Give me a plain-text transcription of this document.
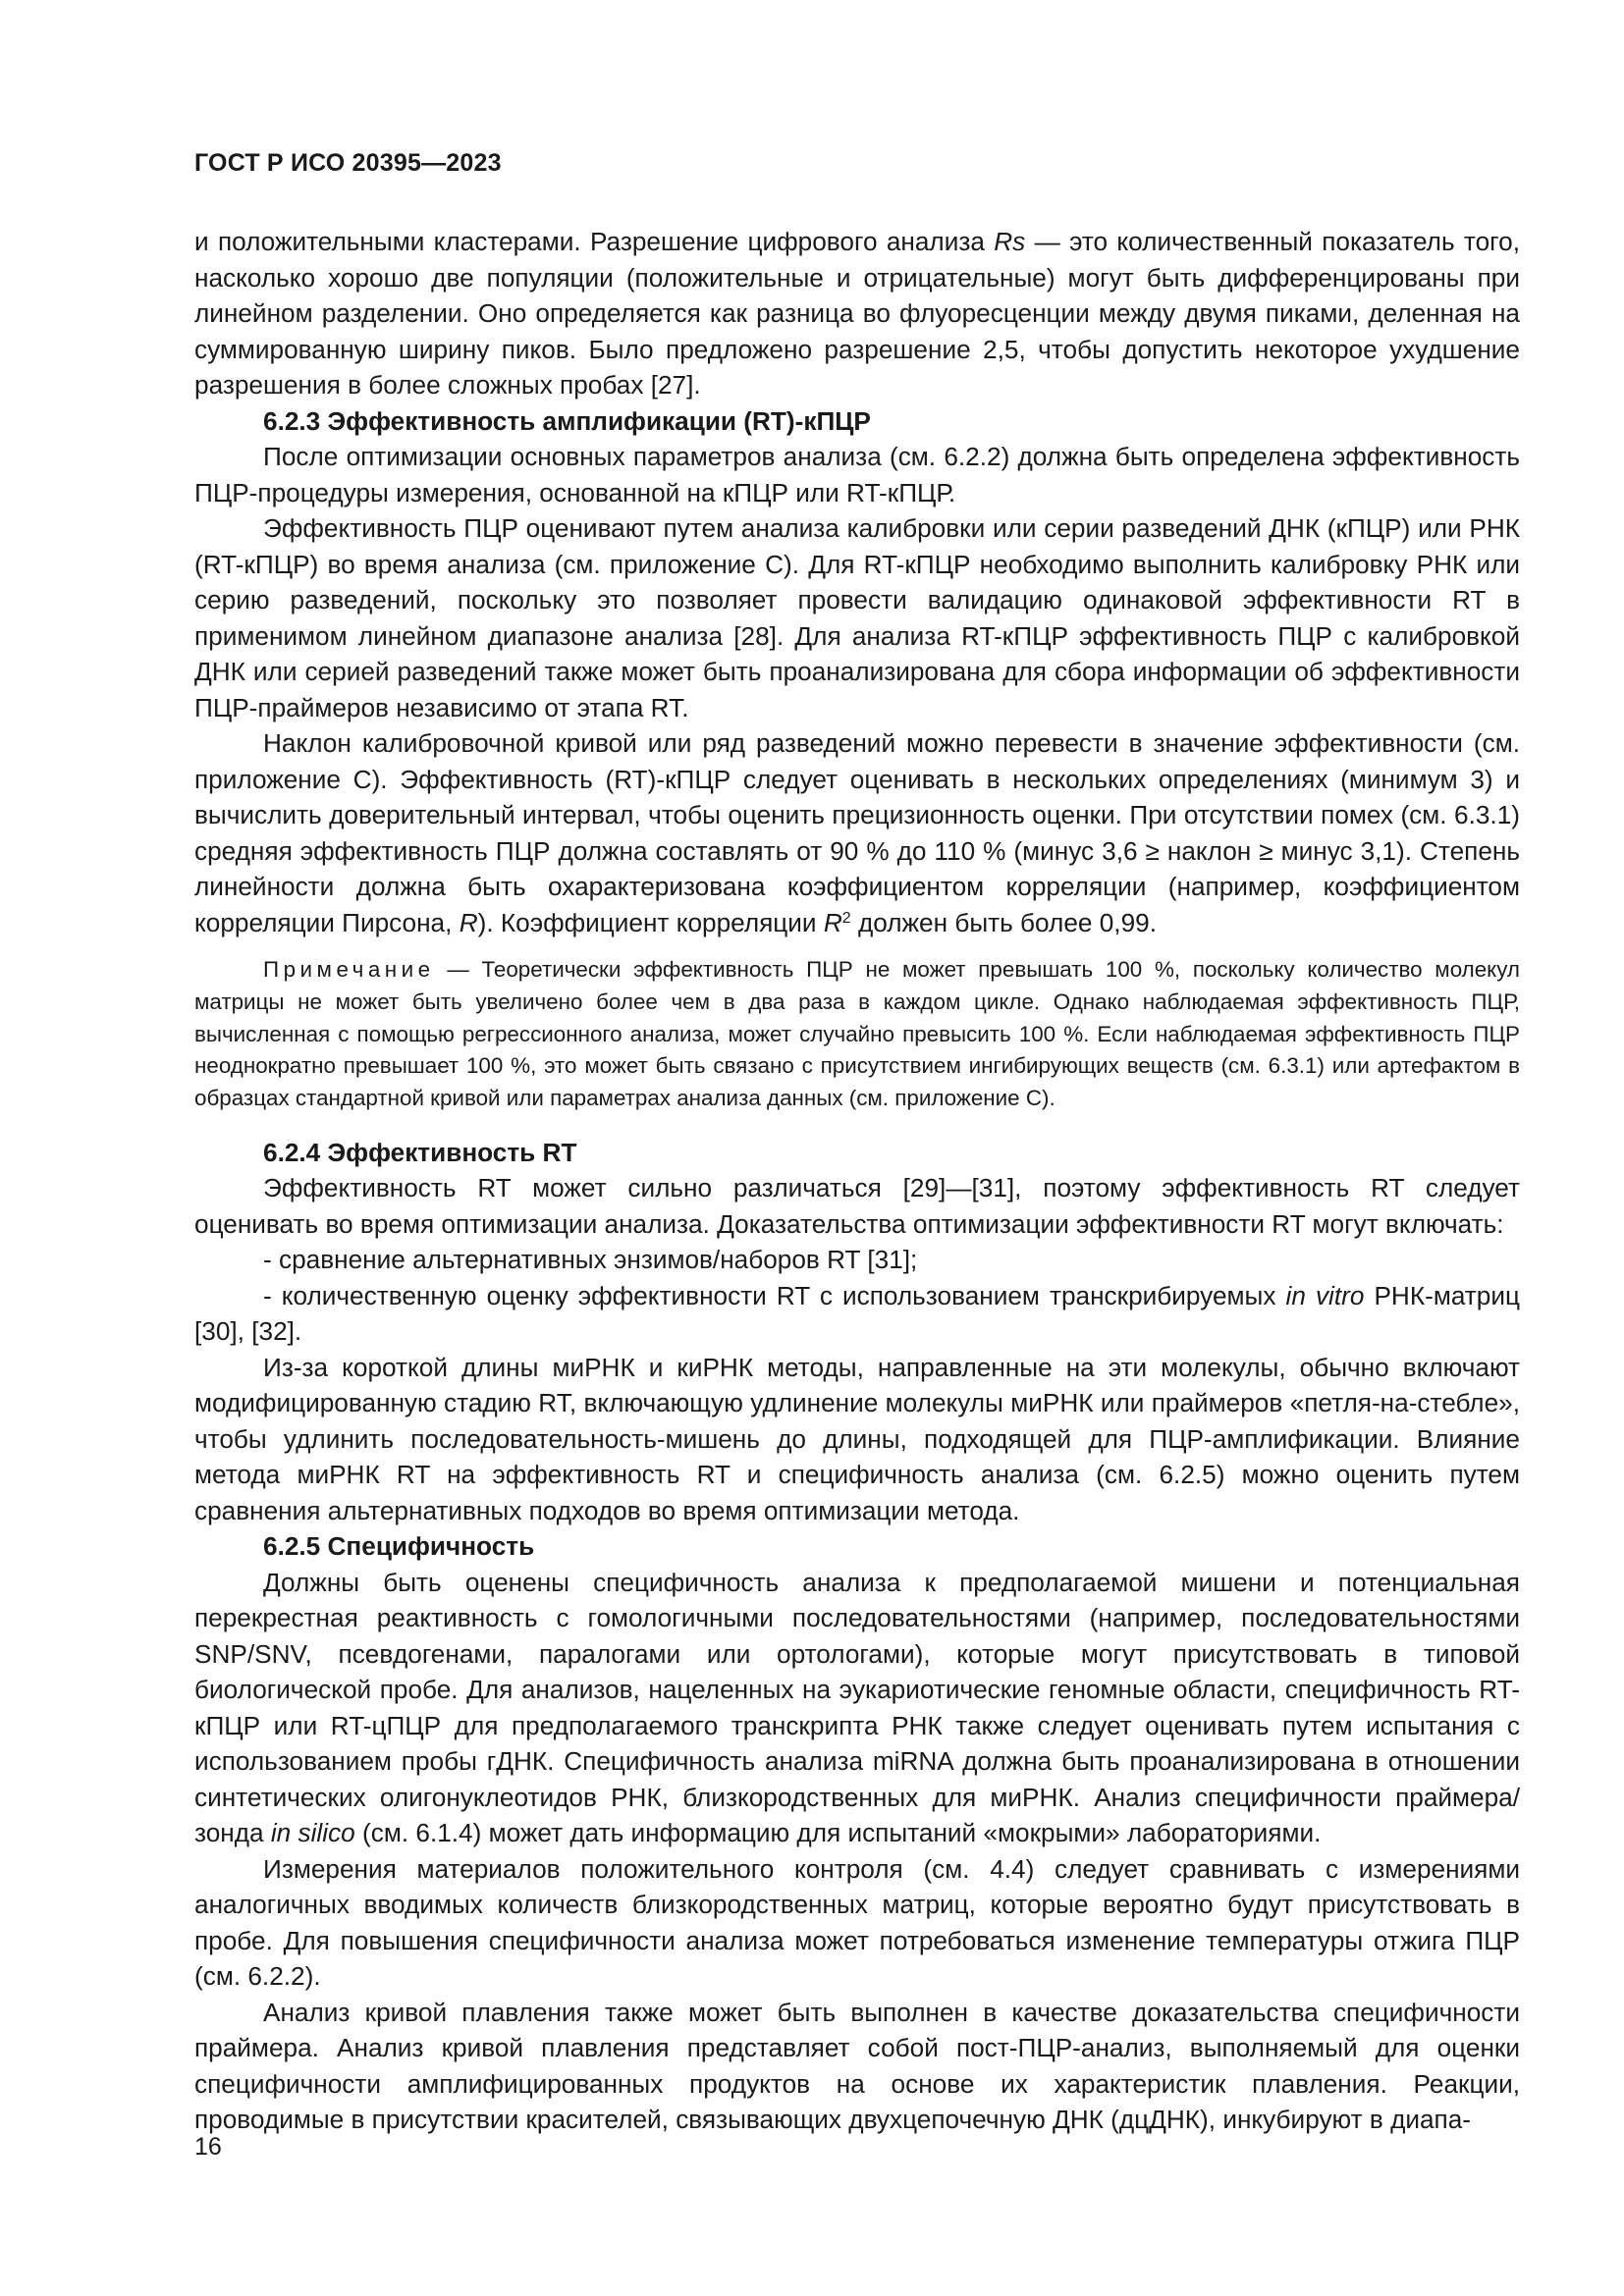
ГОСТ Р ИСО 20395—2023

и положительными кластерами. Разрешение цифрового анализа Rs — это количественный показатель того, насколько хорошо две популяции (положительные и отрицательные) могут быть дифференцированы при линейном разделении. Оно определяется как разница во флуоресценции между двумя пиками, деленная на суммированную ширину пиков. Было предложено разрешение 2,5, чтобы допустить некоторое ухудшение разрешения в более сложных пробах [27].

6.2.3 Эффективность амплификации (RT)-кПЦР

После оптимизации основных параметров анализа (см. 6.2.2) должна быть определена эффективность ПЦР-процедуры измерения, основанной на кПЦР или RT-кПЦР.

Эффективность ПЦР оценивают путем анализа калибровки или серии разведений ДНК (кПЦР) или РНК (RT-кПЦР) во время анализа (см. приложение С). Для RT-кПЦР необходимо выполнить калибровку РНК или серию разведений, поскольку это позволяет провести валидацию одинаковой эффективности RT в применимом линейном диапазоне анализа [28]. Для анализа RT-кПЦР эффективность ПЦР с калибровкой ДНК или серией разведений также может быть проанализирована для сбора информации об эффективности ПЦР-праймеров независимо от этапа RT.

Наклон калибровочной кривой или ряд разведений можно перевести в значение эффективности (см. приложение С). Эффективность (RT)-кПЦР следует оценивать в нескольких определениях (минимум 3) и вычислить доверительный интервал, чтобы оценить прецизионность оценки. При отсутствии помех (см. 6.3.1) средняя эффективность ПЦР должна составлять от 90 % до 110 % (минус 3,6 ≥ наклон ≥ минус 3,1). Степень линейности должна быть охарактеризована коэффициентом корреляции (например, коэффициентом корреляции Пирсона, R). Коэффициент корреляции $R^2$ должен быть более 0,99.

Примечание — Теоретически эффективность ПЦР не может превышать 100 %, поскольку количество молекул матрицы не может быть увеличено более чем в два раза в каждом цикле. Однако наблюдаемая эффективность ПЦР, вычисленная с помощью регрессионного анализа, может случайно превысить 100 %. Если наблюдаемая эффективность ПЦР неоднократно превышает 100 %, это может быть связано с присутствием ингибирующих веществ (см. 6.3.1) или артефактом в образцах стандартной кривой или параметрах анализа данных (см. приложение С).

6.2.4 Эффективность RT

Эффективность RT может сильно различаться [29]—[31], поэтому эффективность RT следует оценивать во время оптимизации анализа. Доказательства оптимизации эффективности RT могут включать:

- сравнение альтернативных энзимов/наборов RT [31];

- количественную оценку эффективности RT с использованием транскрибируемых in vitro РНК-матриц [30], [32].

Из-за короткой длины миРНК и киРНК методы, направленные на эти молекулы, обычно включают модифицированную стадию RT, включающую удлинение молекулы миРНК или праймеров «петля-на-стебле», чтобы удлинить последовательность-мишень до длины, подходящей для ПЦР-амплификации. Влияние метода миРНК RT на эффективность RT и специфичность анализа (см. 6.2.5) можно оценить путем сравнения альтернативных подходов во время оптимизации метода.

6.2.5 Специфичность

Должны быть оценены специфичность анализа к предполагаемой мишени и потенциальная перекрестная реактивность с гомологичными последовательностями (например, последовательностями SNP/SNV, псевдогенами, паралогами или ортологами), которые могут присутствовать в типовой биологической пробе. Для анализов, нацеленных на эукариотические геномные области, специфичность RT-кПЦР или RT-цПЦР для предполагаемого транскрипта РНК также следует оценивать путем испытания с использованием пробы гДНК. Специфичность анализа miRNA должна быть проанализирована в отношении синтетических олигонуклеотидов РНК, близкородственных для миРНК. Анализ специфичности праймера/зонда in silico (см. 6.1.4) может дать информацию для испытаний «мокрыми» лабораториями.

Измерения материалов положительного контроля (см. 4.4) следует сравнивать с измерениями аналогичных вводимых количеств близкородственных матриц, которые вероятно будут присутствовать в пробе. Для повышения специфичности анализа может потребоваться изменение температуры отжига ПЦР (см. 6.2.2).

Анализ кривой плавления также может быть выполнен в качестве доказательства специфичности праймера. Анализ кривой плавления представляет собой пост-ПЦР-анализ, выполняемый для оценки специфичности амплифицированных продуктов на основе их характеристик плавления. Реакции, проводимые в присутствии красителей, связывающих двухцепочечную ДНК (дцДНК), инкубируют в диапа-

16
